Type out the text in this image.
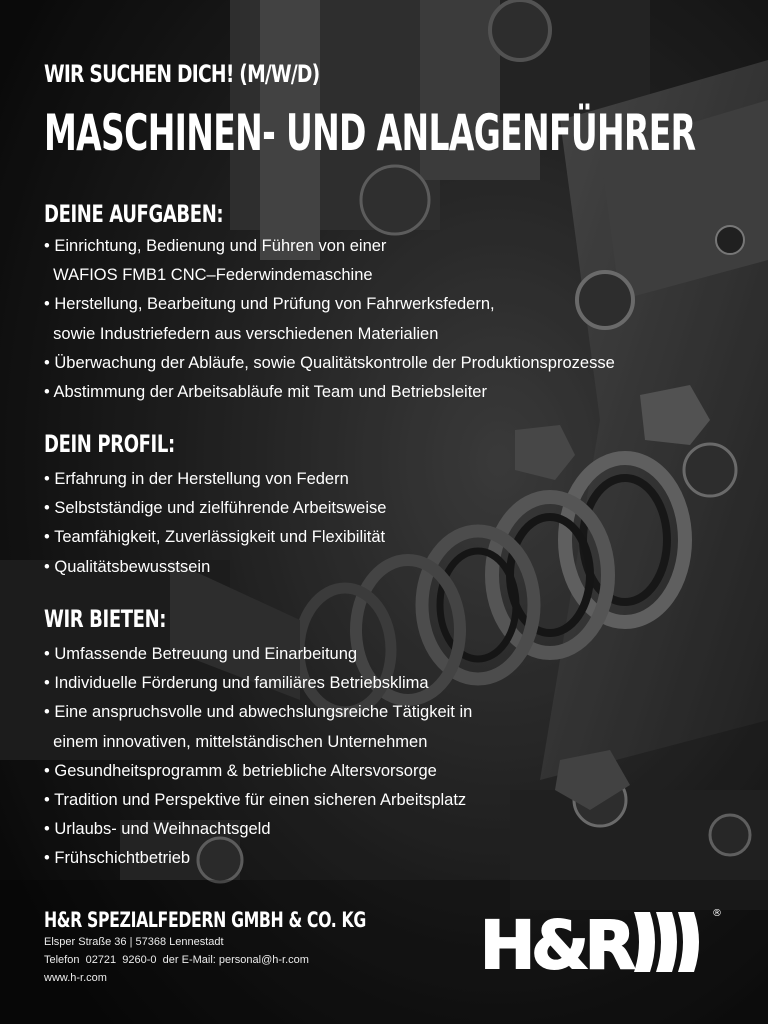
WIR SUCHEN DICH! (M/W/D)
MASCHINEN- UND ANLAGENFÜHRER
DEINE AUFGABEN:
• Einrichtung, Bedienung und Führen von einer
WAFIOS FMB1 CNC–Federwindemaschine
• Herstellung, Bearbeitung und Prüfung von Fahrwerksfedern,
sowie Industriefedern aus verschiedenen Materialien
• Überwachung der Abläufe, sowie Qualitätskontrolle der Produktionsprozesse
• Abstimmung der Arbeitsabläufe mit Team und Betriebsleiter
DEIN PROFIL:
• Erfahrung in der Herstellung von Federn
• Selbstständige und zielführende Arbeitsweise
• Teamfähigkeit, Zuverlässigkeit und Flexibilität
• Qualitätsbewusstsein
WIR BIETEN:
• Umfassende Betreuung und Einarbeitung
• Individuelle Förderung und familiäres Betriebsklima
• Eine anspruchsvolle und abwechslungsreiche Tätigkeit in
einem innovativen, mittelständischen Unternehmen
• Gesundheitsprogramm & betriebliche Altersvorsorge
• Tradition und Perspektive für einen sicheren Arbeitsplatz
• Urlaubs- und Weihnachtsgeld
• Frühschichtbetrieb
H&R SPEZIALFEDERN GMBH & CO. KG
Elsper Straße 36 | 57368 Lennestadt
Telefon  02721  9260-0  der E-Mail: personal@h-r.com
www.h-r.com	H&R	®
